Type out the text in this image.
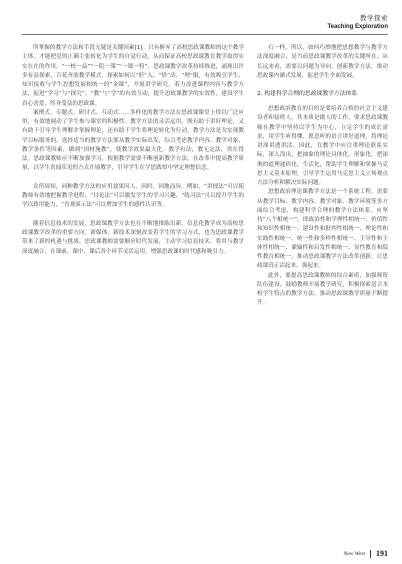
教学探索
Teaching Exploration

所掌握的教学方法和手段无疑是关键因素[1]。只有摒弃了高校思政课教师的这个教学主体，才能把党的正确主张转化为学生的自觉行动，从而保证高校思政课教育教学取得实实在在的作用。“一校一品”“一院一策”“一课一特”，思政课教学改革持续推进，涌现出许多有益探索，百花齐放教学模式，探索如何以“形”入、“情”动、“理”服，有效吸引学生、知识接收与学生思想发展相统一的“金课”，开展讲学研究，着力改进课程内容与教学方法，促进“学习”与“探究”、“教”与“学”的有效互动，提升思政课教学的实效性，建设学生真心喜爱、终身受益的思政课。

案例式、专题式、研讨式、互动式……多样化的教学方法在思政课课堂上得以广泛应用，有效地调动了学生参与课堂的积极性。教学方法的灵活运用，既有助于讲好理论，又有助于引导学生理解并掌握理论，还有助于学生将理论转化为行动。教学方法是为实现教学目标服务的，选择适当的教学方法要从教学实际出发，综合考虑教学内容、教学对象、教学条件等因素，做到“因材施教”，使教学效果最大化。教学有法，教无定法，贵在得法。思政课教师应不断加强学习，根据教学需要不断创新教学方法，在改革中提高教学质量，以学生喜闻乐见的方式开展教学，引导学生在学思践悟中坚定理想信念。

众所周知，同种教学方法的应用效果因人、因时、因地而异。例如，“讲授法”可以使教师有效地把握教学进程，“讨论法”可以激发学生的学习兴趣，“练习法”可以提升学生的学以致用能力，“直观演示法”可以增加学生的感性认识等。

随着信息技术的发展，思政课教学方法也在不断地推陈出新，信息化教学成为高校思政课教学改革的重要方向。新媒体、新技术深刻改变着学生的学习方式，也为思政课教学带来了新的机遇与挑战。思政课教师需要顺应时代发展，主动学习信息技术，将其与教学深度融合，在课前、课中、课后各个环节灵活运用，增强思政课的时代感和吸引力。

石一样，所以，如何巧妙地把思想教学与教学方法深度融合，是当前思政课教学改革的关键所在。从长远来看，需要以问题为导向，创新教学方法，推动思政课内涵式发展，促进学生全面发展。

2. 构建科学合理的思政课教学方法体系

思想政治教育的目的是要培养合格的社会主义建设者和接班人，其本质是做人的工作，要求思政课教师在教学中坚持以学生为中心，立足学生的成长需求，用学生听得懂、愿意听的语言讲好道理，将理论讲深讲透讲活。因此，在教学中应注重理论联系实际，深入浅出，把抽象的理论具体化、形象化，把深奥的道理通俗化、生活化，帮助学生理解和掌握马克思主义基本原理，引导学生运用马克思主义立场观点方法分析和解决实际问题。

思想政治理论课教学方法是一个系统工程，需要从教学目标、教学内容、教学对象、教学环境等多方面综合考虑，构建科学合理的教学方法体系。应坚持“八个相统一”，即政治性和学理性相统一、价值性和知识性相统一、建设性和批判性相统一、理论性和实践性相统一、统一性和多样性相统一、主导性和主体性相统一、灌输性和启发性相统一、显性教育和隐性教育相统一，推动思政课教学方法改革创新，让思政课真正活起来、强起来。

此外，要提高思政课教师的综合素质，加强师资队伍建设，鼓励教师开展教学研究，积极探索适合本校学生特点的教学方法，推动思政课教学质量不断提升。

New West 191
